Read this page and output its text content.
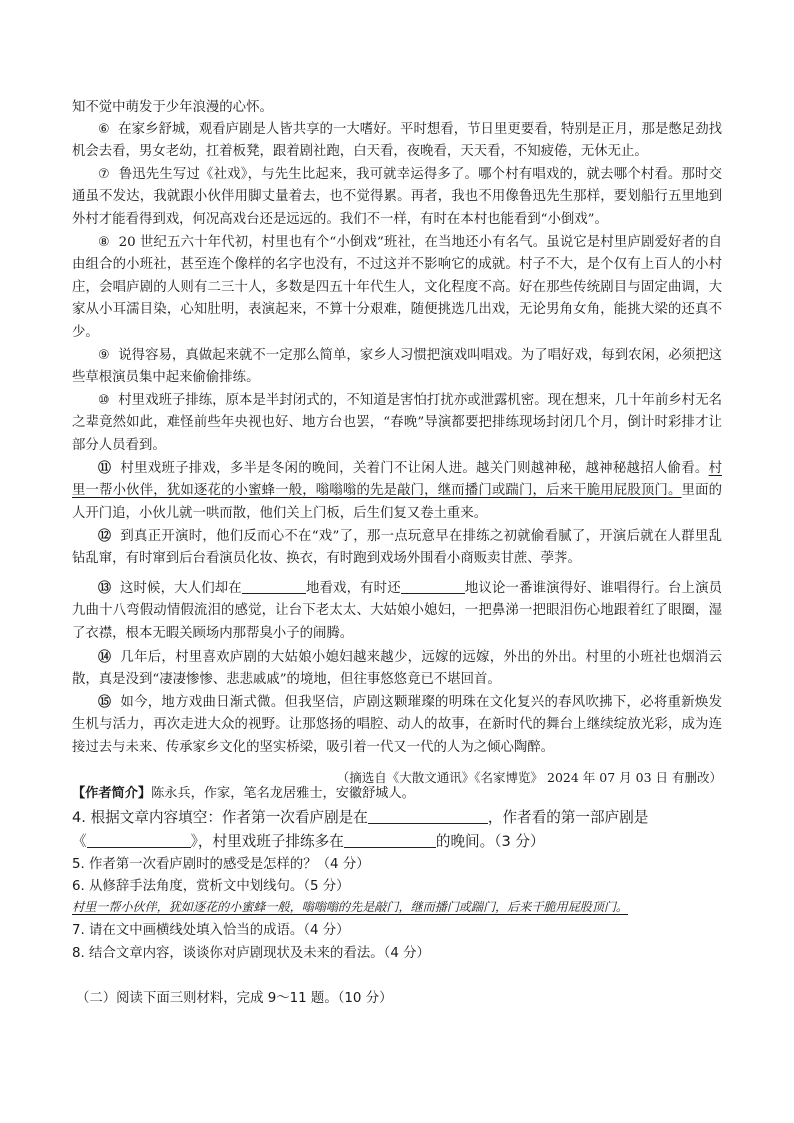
知不觉中萌发于少年浪漫的心怀。

⑥ 在家乡舒城，观看庐剧是人皆共享的一大嗜好。平时想看，节日里更要看，特别是正月，那是憋足劲找机会去看，男女老幼，扛着板凳，跟着剧社跑，白天看，夜晚看，天天看，不知疲倦，无休无止。

⑦ 鲁迅先生写过《社戏》，与先生比起来，我可就幸运得多了。哪个村有唱戏的，就去哪个村看。那时交通虽不发达，我就跟小伙伴用脚丈量着去，也不觉得累。再者，我也不用像鲁迅先生那样，要划船行五里地到外村才能看得到戏，何况高戏台还是远远的。我们不一样，有时在本村也能看到“小倒戏”。

⑧ 20 世纪五六十年代初，村里也有个“小倒戏”班社，在当地还小有名气。虽说它是村里庐剧爱好者的自由组合的小班社，甚至连个像样的名字也没有，不过这并不影响它的成就。村子不大，是个仅有上百人的小村庄，会唱庐剧的人则有二三十人，多数是四五十年代生人，文化程度不高。好在那些传统剧目与固定曲调，大家从小耳濡目染，心知肚明，表演起来，不算十分艰难，随便挑选几出戏，无论男角女角，能挑大梁的还真不少。

⑨ 说得容易，真做起来就不一定那么简单，家乡人习惯把演戏叫唱戏。为了唱好戏，每到农闲，必须把这些草根演员集中起来偷偷排练。

⑩ 村里戏班子排练，原本是半封闭式的，不知道是害怕打扰亦或泄露机密。现在想来，几十年前乡村无名之辈竟然如此，难怪前些年央视也好、地方台也罢，“春晚”导演都要把排练现场封闭几个月，倒计时彩排才让部分人员看到。

⑪ 村里戏班子排戏，多半是冬闲的晚间，关着门不让闲人进。越关门则越神秘，越神秘越招人偷看。村里一帮小伙伴，犹如逐花的小蜜蜂一般，嗡嗡嗡的先是敲门，继而播门或踹门，后来干脆用屁股顶门。里面的人开门追，小伙儿就一哄而散，他们关上门板，后生们复又卷土重来。

⑫ 到真正开演时，他们反而心不在“戏”了，那一点玩意早在排练之初就偷看腻了，开演后就在人群里乱钻乱窜，有时窜到后台看演员化妆、换衣，有时跑到戏场外围看小商贩卖甘蔗、荸荠。

⑬ 这时候，大人们却在	地看戏，有时还	地议论一番谁演得好、谁唱得行。台上演员九曲十八弯假动情假流泪的感觉，让台下老太太、大姑娘小媳妇，一把鼻涕一把眼泪伤心地跟着红了眼圈，湿了衣襟，根本无暇关顾场内那帮臭小子的闹腾。

⑭ 几年后，村里喜欢庐剧的大姑娘小媳妇越来越少，远嫁的远嫁，外出的外出。村里的小班社也烟消云散，真是没到“凄凄惨惨、悲悲戚戚”的境地，但往事悠悠竟已不堪回首。

⑮ 如今，地方戏曲日渐式微。但我坚信，庐剧这颗璀璨的明珠在文化复兴的春风吹拂下，必将重新焕发生机与活力，再次走进大众的视野。让那悠扬的唱腔、动人的故事，在新时代的舞台上继续绽放光彩，成为连接过去与未来、传承家乡文化的坚实桥梁，吸引着一代又一代的人为之倾心陶醉。

（摘选自《大散文通讯》《名家博览》 2024 年 07 月 03 日 有删改）

【作者简介】陈永兵，作家，笔名龙居雅士，安徽舒城人。

4. 根据文章内容填空：作者第一次看庐剧是在	，作者看的第一部庐剧是
《	》，村里戏班子排练多在	的晚间。（3 分）

5. 作者第一次看庐剧时的感受是怎样的？（4 分）

6. 从修辞手法角度，赏析文中划线句。（5 分）

村里一帮小伙伴，犹如逐花的小蜜蜂一般，嗡嗡嗡的先是敲门，继而播门或踹门，后来干脆用屁股顶门。

7. 请在文中画横线处填入恰当的成语。（4 分）

8. 结合文章内容，谈谈你对庐剧现状及未来的看法。（4 分）

（二）阅读下面三则材料，完成 9～11 题。（10 分）
